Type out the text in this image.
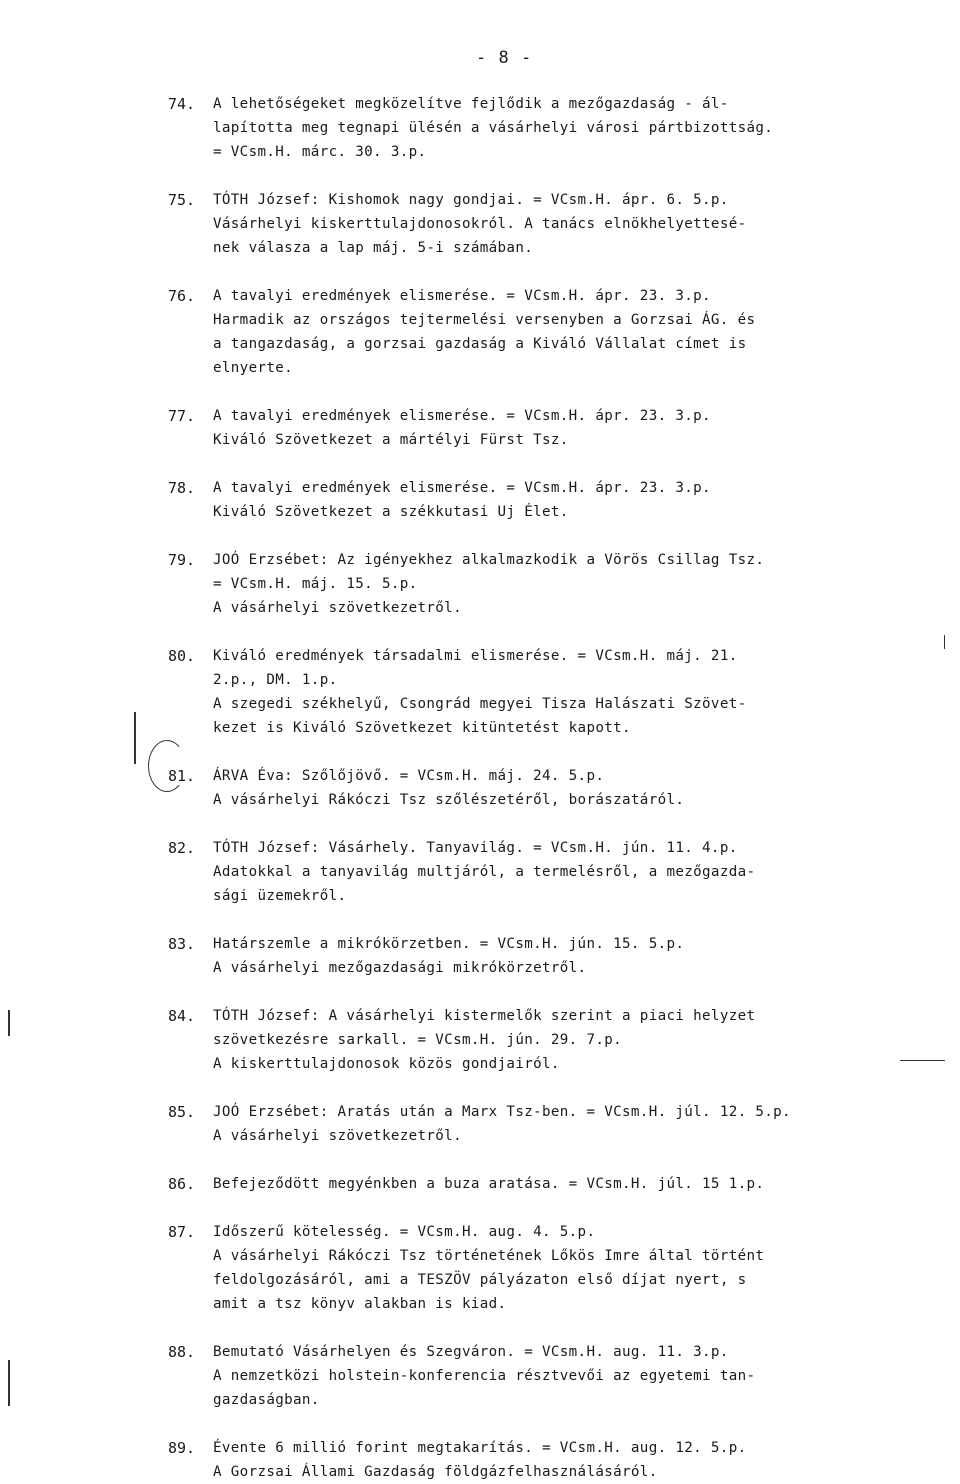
- 8 -
74. A lehetőségeket megközelítve fejlődik a mezőgazdaság - ál-
lapította meg tegnapi ülésén a vásárhelyi városi pártbizottság.
= VCsm.H. márc. 30. 3.p.
75. TÓTH József: Kishomok nagy gondjai. = VCsm.H. ápr. 6. 5.p.
Vásárhelyi kiskerttulajdonosokról. A tanács elnökhelyettesé-
nek válasza a lap máj. 5-i számában.
76. A tavalyi eredmények elismerése. = VCsm.H. ápr. 23. 3.p.
Harmadik az országos tejtermelési versenyben a Gorzsai ÁG. és
a tangazdaság, a gorzsai gazdaság a Kiváló Vállalat címet is
elnyerte.
77. A tavalyi eredmények elismerése. = VCsm.H. ápr. 23. 3.p.
Kiváló Szövetkezet a mártélyi Fürst Tsz.
78. A tavalyi eredmények elismerése. = VCsm.H. ápr. 23. 3.p.
Kiváló Szövetkezet a székkutasi Uj Élet.
79. JOÓ Erzsébet: Az igényekhez alkalmazkodik a Vörös Csillag Tsz.
= VCsm.H. máj. 15. 5.p.
A vásárhelyi szövetkezetről.
80. Kiváló eredmények társadalmi elismerése. = VCsm.H. máj. 21.
2.p., DM. 1.p.
A szegedi székhelyű, Csongrád megyei Tisza Halászati Szövet-
kezet is Kiváló Szövetkezet kitüntetést kapott.
81. ÁRVA Éva: Szőlőjövő. = VCsm.H. máj. 24. 5.p.
A vásárhelyi Rákóczi Tsz szőlészetéről, borászatáról.
82. TÓTH József: Vásárhely. Tanyavilág. = VCsm.H. jún. 11. 4.p.
Adatokkal a tanyavilág multjáról, a termelésről, a mezőgazda-
sági üzemekről.
83. Határszemle a mikrókörzetben. = VCsm.H. jún. 15. 5.p.
A vásárhelyi mezőgazdasági mikrókörzetről.
84. TÓTH József: A vásárhelyi kistermelők szerint a piaci helyzet
szövetkezésre sarkall. = VCsm.H. jún. 29. 7.p.
A kiskerttulajdonosok közös gondjairól.
85. JOÓ Erzsébet: Aratás után a Marx Tsz-ben. = VCsm.H. júl. 12. 5.p.
A vásárhelyi szövetkezetről.
86. Befejeződött megyénkben a buza aratása. = VCsm.H. júl. 15 1.p.
87. Időszerű kötelesség. = VCsm.H. aug. 4. 5.p.
A vásárhelyi Rákóczi Tsz történetének Lőkös Imre által történt
feldolgozásáról, ami a TESZÖV pályázaton első díjat nyert, s
amit a tsz könyv alakban is kiad.
88. Bemutató Vásárhelyen és Szegváron. = VCsm.H. aug. 11. 3.p.
A nemzetközi holstein-konferencia résztvevői az egyetemi tan-
gazdaságban.
89. Évente 6 millió forint megtakarítás. = VCsm.H. aug. 12. 5.p.
A Gorzsai Állami Gazdaság földgázfelhasználásáról.
